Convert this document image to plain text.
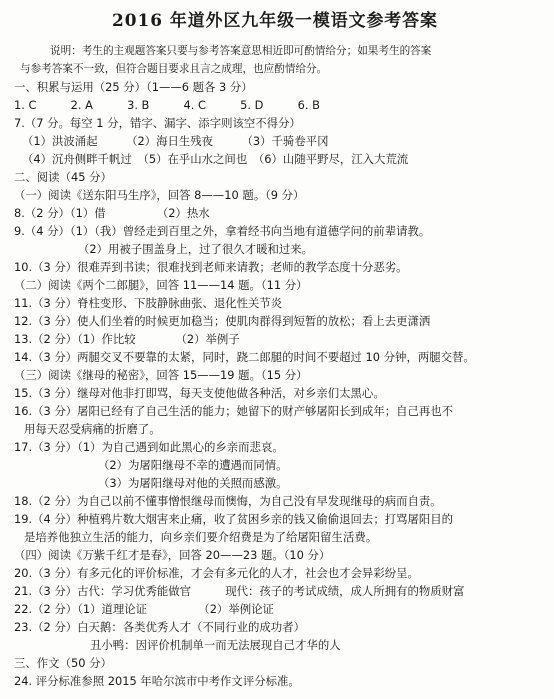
2016 年道外区九年级一模语文参考答案
说明：考生的主观题答案只要与参考答案意思相近即可酌情给分；如果考生的答案
与参考答案不一致，但符合题目要求且言之成理，也应酌情给分。
一、积累与运用（25 分）（1——6 题各 3 分）
1. C　　　2. A　　　3. B　　　4. C　　　5. D　　　6. B
7.（7 分。每空 1 分，错字、漏字、添字则该空不得分）
（1）洪波涌起　　　（2）海日生残夜　　　（3）千骑卷平冈
（4）沉舟侧畔千帆过　（5）在乎山水之间也　（6）山随平野尽，江入大荒流
二、阅读（45 分）
（一）阅读《送东阳马生序》，回答 8——10 题。（9 分）
8.（2 分）（1）借　　　　　（2）热水
9.（4 分）（1）（我）曾经走到百里之外，拿着经书向当地有道德学问的前辈请教。
（2）用被子围盖身上，过了很久才暖和过来。
10.（3 分）很难弄到书读；很难找到老师来请教；老师的教学态度十分恶劣。
（二）阅读《两个二郎腿》，回答 11——14 题。（11 分）
11.（3 分）脊柱变形、下肢静脉曲张、退化性关节炎
12.（3 分）使人们坐着的时候更加稳当；使肌肉群得到短暂的放松；看上去更潇洒
13.（2 分）（1）作比较　　　　（2）举例子
14.（3 分）两腿交叉不要靠的太紧，同时，跷二郎腿的时间不要超过 10 分钟，两腿交替。
（三）阅读《继母的秘密》，回答 15——19 题。（15 分）
15.（3 分）继母对他非打即骂，每天支使他做各种活，对乡亲们太黑心。
16.（3 分）屠阳已经有了自己生活的能力；她留下的财产够屠阳长到成年；自己再也不
用每天忍受病痛的折磨了。
17.（3 分）（1）为自己遇到如此黑心的乡亲而悲哀。
（2）为屠阳继母不幸的遭遇而同情。
（3）为屠阳继母对他的关照而感激。
18.（2 分）为自己以前不懂事憎恨继母而懊悔，为自己没有早发现继母的病而自责。
19.（4 分）种植鸦片数大烟害来止痛，收了贫困乡亲的钱又偷偷退回去；打骂屠阳目的
是培养他独立生活的能力，向乡亲们要介绍费是为了给屠阳留生活费。
（四）阅读《万紫千红才是春》，回答 20——23 题。（10 分）
20.（3 分）有多元化的评价标准，才会有多元化的人才，社会也才会异彩纷呈。
21.（3 分）古代：学习优秀能做官　　　现代：孩子的考试成绩，成人所拥有的物质财富
22.（2 分）（1）道理论证　　　　　（2）举例论证
23.（2 分）白天鹅：各类优秀人才（不同行业的成功者）
丑小鸭：因评价机制单一而无法展现自己才华的人
三、作文（50 分）
24. 评分标准参照 2015 年哈尔滨市中考作文评分标准。
